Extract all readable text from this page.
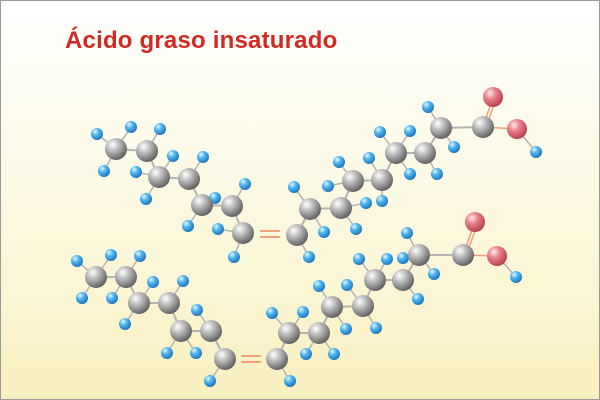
Ácido graso insaturado
